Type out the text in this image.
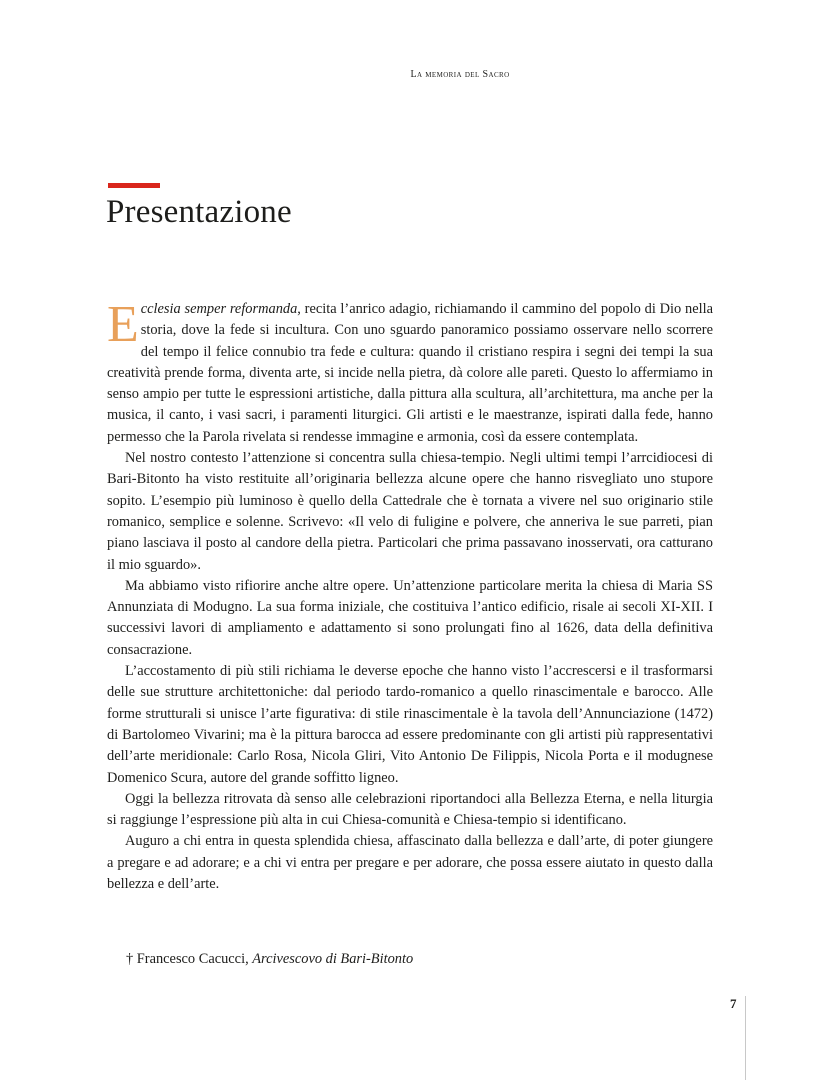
La memoria del Sacro
Presentazione

Ecclesia semper reformanda, recita l’anrico adagio, richiamando il cammino del popolo di Dio nella storia, dove la fede si incultura. Con uno sguardo panoramico possiamo osservare nello scorrere del tempo il felice connubio tra fede e cultura: quando il cristiano respira i segni dei tempi la sua creatività prende forma, diventa arte, si incide nella pietra, dà colore alle pareti. Questo lo affermiamo in senso ampio per tutte le espressioni artistiche, dalla pittura alla scultura, all’architettura, ma anche per la musica, il canto, i vasi sacri, i paramenti liturgici. Gli artisti e le maestranze, ispirati dalla fede, hanno permesso che la Parola rivelata si rendesse immagine e armonia, così da essere contemplata.

Nel nostro contesto l’attenzione si concentra sulla chiesa-tempio. Negli ultimi tempi l’arrcidiocesi di Bari-Bitonto ha visto restituite all’originaria bellezza alcune opere che hanno risvegliato uno stupore sopito. L’esempio più luminoso è quello della Cattedrale che è tornata a vivere nel suo originario stile romanico, semplice e solenne. Scrivevo: «Il velo di fuligine e polvere, che anneriva le sue parreti, pian piano lasciava il posto al candore della pietra. Particolari che prima passavano inosservati, ora catturano il mio sguardo».

Ma abbiamo visto rifiorire anche altre opere. Un’attenzione particolare merita la chiesa di Maria SS Annunziata di Modugno. La sua forma iniziale, che costituiva l’antico edificio, risale ai secoli XI-XII. I successivi lavori di ampliamento e adattamento si sono prolungati fino al 1626, data della definitiva consacrazione.

L’accostamento di più stili richiama le deverse epoche che hanno visto l’accrescersi e il trasformarsi delle sue strutture architettoniche: dal periodo tardo-romanico a quello rinascimentale e barocco. Alle forme strutturali si unisce l’arte figurativa: di stile rinascimentale è la tavola dell’Annunciazione (1472) di Bartolomeo Vivarini; ma è la pittura barocca ad essere predominante con gli artisti più rappresentativi dell’arte meridionale: Carlo Rosa, Nicola Gliri, Vito Antonio De Filippis, Nicola Porta e il modugnese Domenico Scura, autore del grande soffitto ligneo.

Oggi la bellezza ritrovata dà senso alle celebrazioni riportandoci alla Bellezza Eterna, e nella liturgia si raggiunge l’espressione più alta in cui Chiesa-comunità e Chiesa-tempio si identificano.

Auguro a chi entra in questa splendida chiesa, affascinato dalla bellezza e dall’arte, di poter giungere a pregare e ad adorare; e a chi vi entra per pregare e per adorare, che possa essere aiutato in questo dalla bellezza e dell’arte.

† Francesco Cacucci, Arcivescovo di Bari-Bitonto
7
